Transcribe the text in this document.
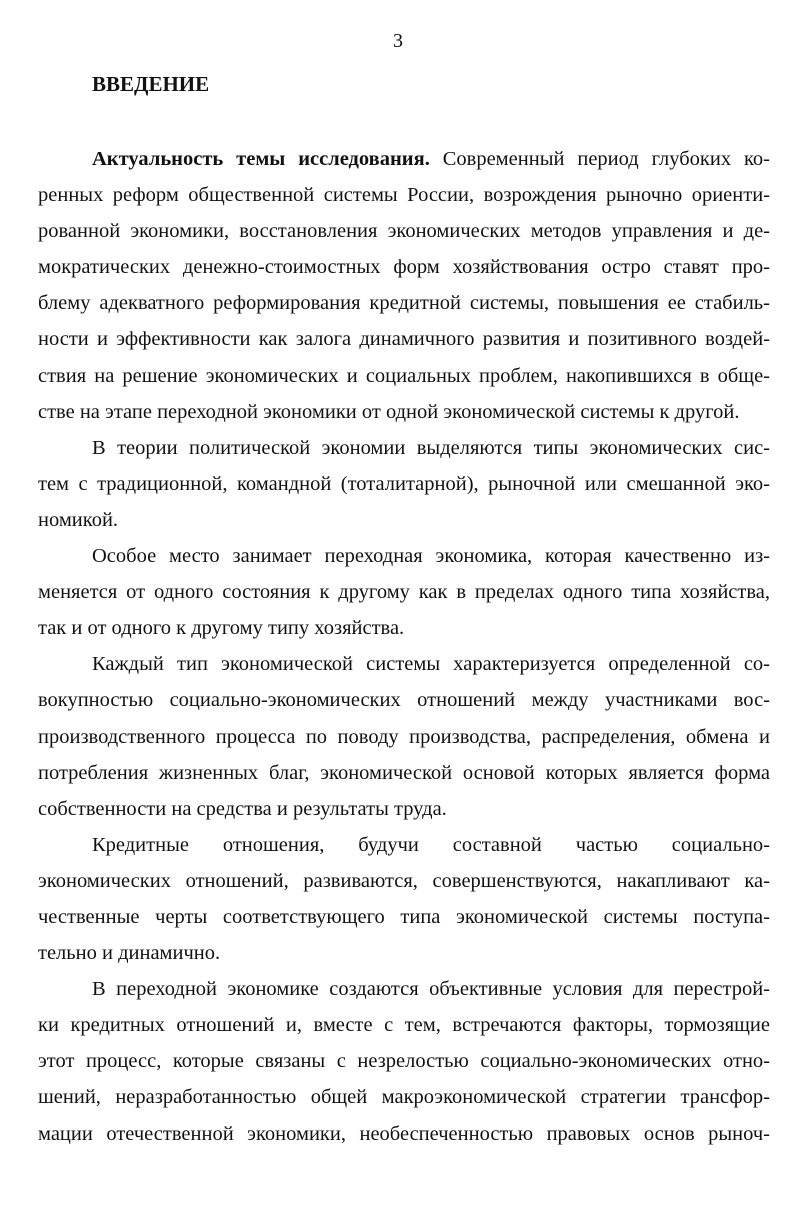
3
ВВЕДЕНИЕ
Актуальность темы исследования. Современный период глубоких ко-
ренных реформ общественной системы России, возрождения рыночно ориенти-
рованной экономики, восстановления экономических методов управления и де-
мократических денежно-стоимостных форм хозяйствования остро ставят про-
блему адекватного реформирования кредитной системы, повышения ее стабиль-
ности и эффективности как залога динамичного развития и позитивного воздей-
ствия на решение экономических и социальных проблем, накопившихся в обще-
стве на этапе переходной экономики от одной экономической системы к другой.
В теории политической экономии выделяются типы экономических сис-
тем с традиционной, командной (тоталитарной), рыночной или смешанной эко-
номикой.
Особое место занимает переходная экономика, которая качественно из-
меняется от одного состояния к другому как в пределах одного типа хозяйства,
так и от одного к другому типу хозяйства.
Каждый тип экономической системы характеризуется определенной со-
вокупностью социально-экономических отношений между участниками вос-
производственного процесса по поводу производства, распределения, обмена и
потребления жизненных благ, экономической основой которых является форма
собственности на средства и результаты труда.
Кредитные отношения, будучи составной частью социально-
экономических отношений, развиваются, совершенствуются, накапливают ка-
чественные черты соответствующего типа экономической системы поступа-
тельно и динамично.
В переходной экономике создаются объективные условия для перестрой-
ки кредитных отношений и, вместе с тем, встречаются факторы, тормозящие
этот процесс, которые связаны с незрелостью социально-экономических отно-
шений, неразработанностью общей макроэкономической стратегии трансфор-
мации отечественной экономики, необеспеченностью правовых основ рыноч-
